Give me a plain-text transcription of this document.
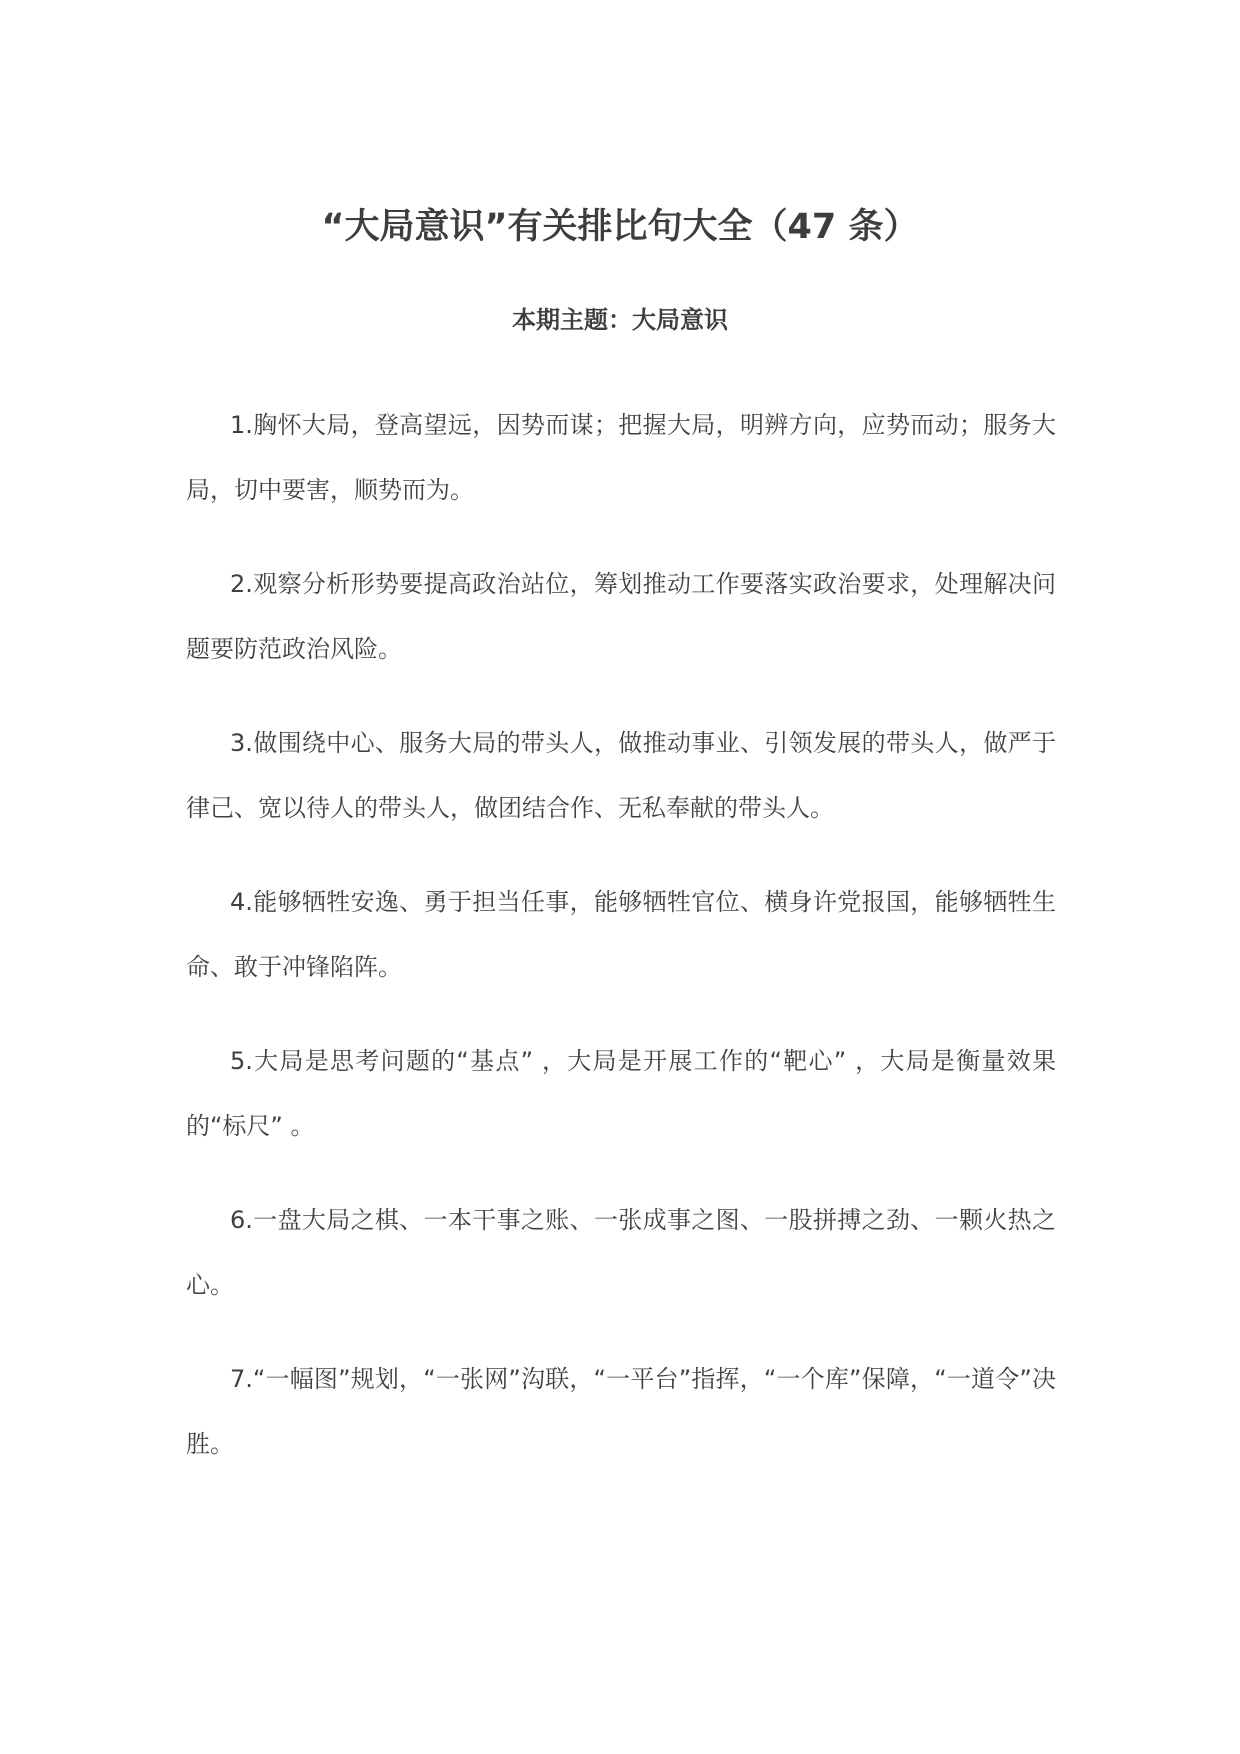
“大局意识”有关排比句大全（47 条）
本期主题：大局意识

1.胸怀大局，登高望远，因势而谋；把握大局，明辨方向，应势而动；服务大局，切中要害，顺势而为。

2.观察分析形势要提高政治站位，筹划推动工作要落实政治要求，处理解决问题要防范政治风险。

3.做围绕中心、服务大局的带头人，做推动事业、引领发展的带头人，做严于律己、宽以待人的带头人，做团结合作、无私奉献的带头人。

4.能够牺牲安逸、勇于担当任事，能够牺牲官位、横身许党报国，能够牺牲生命、敢于冲锋陷阵。

5.大局是思考问题的“基点” ，大局是开展工作的“靶心” ，大局是衡量效果的“标尺” 。

6.一盘大局之棋、一本干事之账、一张成事之图、一股拼搏之劲、一颗火热之心。

7.“一幅图”规划，“一张网”沟联，“一平台”指挥，“一个库”保障，“一道令”决胜。
